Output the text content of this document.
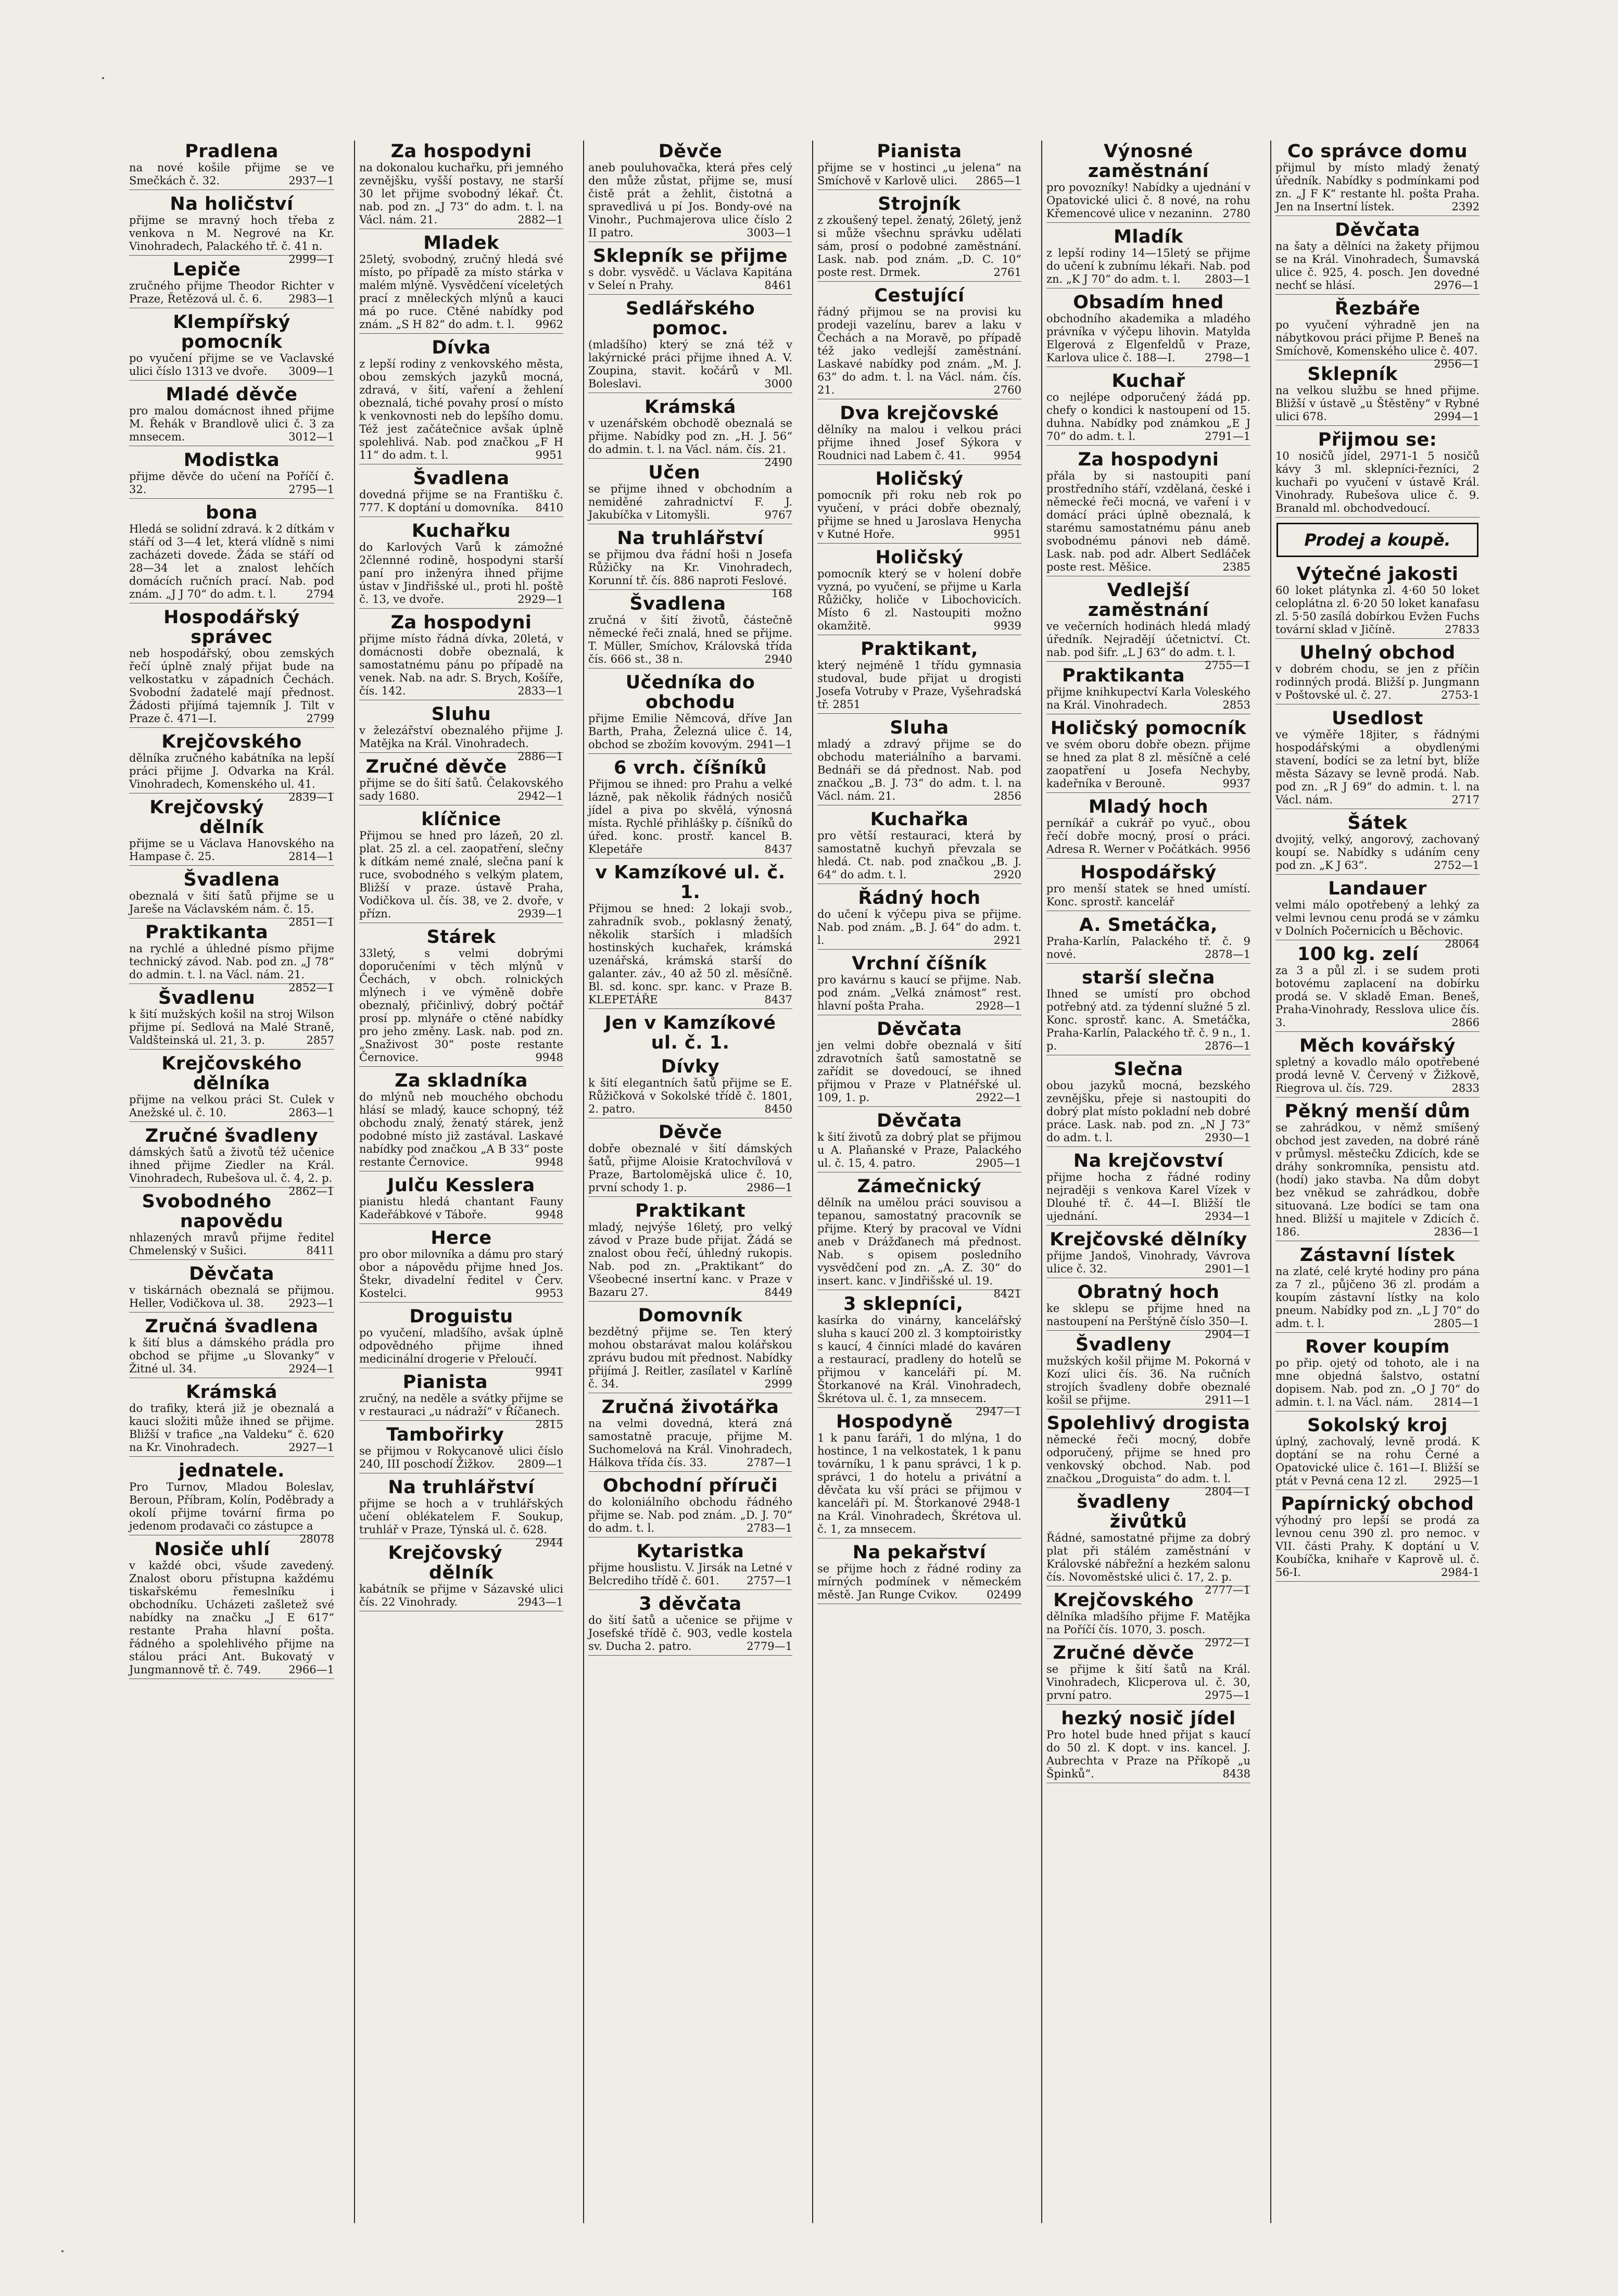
Pradlena
na nové košile přijme se ve Smečkách č. 32.	2937—1
Na holičství
přijme se mravný hoch třeba z venkova n M. Negrové na Kr. Vinohradech, Palackého tř. č. 41 n.
2999—1
Lepiče
zručného přijme Theodor Richter v Praze, Řetězová ul. č. 6.	2983—1
Klempířský pomocník
po vyučení přijme se ve Vaclavské ulici číslo 1313 ve dvoře.	3009—1
Mladé děvče
pro malou domácnost ihned přijme M. Řehák v Brandlově ulici č. 3 za mnsecem.	3012—1
Modistka
přijme děvče do učení na Poříčí č. 32.	2795—1
bona
Hledá se solidní zdravá. k 2 dítkám v stáří od 3—4 let, která vlídně s nimi zacházeti dovede. Žáda se stáří od 28—34 let a znalost lehčích domácích ručních prací. Nab. pod znám. „J J 70“ do adm. t. l.	2794
Hospodářský správec
neb hospodářský, obou zemských řečí úplně znalý přijat bude na velkostatku v západních Čechách. Svobodní žadatelé mají přednost. Žádosti přijímá tajemník J. Tilt v Praze č. 471—I.	2799
Krejčovského
dělníka zručného kabátníka na lepší práci přijme J. Odvarka na Král. Vinohradech, Komenského ul. 41.
2839—1
Krejčovský dělník
přijme se u Václava Hanovského na Hampase č. 25.	2814—1
Švadlena
obeznalá v šití šatů přijme se u Jareše na Václavském nám. č. 15.
2851—1
Praktikanta
na rychlé a úhledné písmo přijme technický závod. Nab. pod zn. „J 78“ do admin. t. l. na Václ. nám. 21.
2852—1
Švadlenu
k šití mužských košil na stroj Wilson přijme pí. Sedlová na Malé Straně, Valdšteinská ul. 21, 3. p.	2857
Krejčovského dělníka
přijme na velkou práci St. Culek v Anežské ul. č. 10.	2863—1
Zručné švadleny
dámských šatů a životů též učenice ihned přijme Ziedler na Král. Vinohradech, Rubešova ul. č. 4, 2. p.
2862—1
Svobodného napovědu
nhlazených mravů přijme ředitel Chmelenský v Sušici.	8411
Děvčata
v tiskárnách obeznalá se přijmou. Heller, Vodičkova ul. 38.	2923—1
Zručná švadlena
k šití blus a dámského prádla pro obchod se přijme „u Slovanky“ v Žitné ul. 34.	2924—1
Krámská
do trafiky, která již je obeznalá a kauci složiti může ihned se přijme. Bližší v trafice „na Valdeku“ č. 620 na Kr. Vinohradech.	2927—1
jednatele.
Pro Turnov, Mladou Boleslav, Beroun, Příbram, Kolín, Poděbrady a okolí přijme tovární firma po jedenom prodavači co zástupce a
28078
Nosiče uhlí
v každé obci, všude zavedený. Znalost oboru přístupna každému tiskařskému řemeslníku i obchodníku. Ucházeti zašletež své nabídky na značku „J E 617“ restante Praha hlavní pošta. řádného a spolehlivého přijme na stálou práci Ant. Bukovatý v Jungmannově tř. č. 749.	2966—1
Za hospodyni
na dokonalou kuchařku, při jemného zevnějšku, vyšší postavy, ne starší 30 let přijme svobodný lékař. Čt. nab. pod zn. „J 73“ do adm. t. l. na Václ. nám. 21.	2882—1
Mladek
25letý, svobodný, zručný hledá své místo, po případě za místo stárka v malém mlýně. Vysvědčení víceletých prací z mněleckých mlýnů a kauci má po ruce. Ctěné nabídky pod znám. „S H 82“ do adm. t. l.	9962
Dívka
z lepší rodiny z venkovského města, obou zemských jazyků mocná, zdravá, v šití, vaření a žehlení obeznalá, tiché povahy prosí o místo k venkovnosti neb do lepšího domu. Též jest začátečnice avšak úplně spolehlivá. Nab. pod značkou „F H 11“ do adm. t. l.	9951
Švadlena
dovedná přijme se na Františku č. 777. K doptání u domovníka.	8410
Kuchařku
do Karlových Varů k zámožné 2člennné rodině, hospodyni starší paní pro inženýra ihned přijme ústav v Jindřišské ul., proti hl. poště č. 13, ve dvoře.	2929—1
Za hospodyni
přijme místo řádná dívka, 20letá, v domácnosti dobře obeznalá, k samostatnému pánu po případě na venek. Nab. na adr. S. Brych, Košíře, čís. 142.	2833—1
Sluhu
v železářství obeznalého přijme J. Matějka na Král. Vinohradech.
2886—1
Zručné děvče
přijme se do šití šatů. Čelakovského sady 1680.	2942—1
klíčnice
Přijmou se hned pro lázeň, 20 zl. plat. 25 zl. a cel. zaopatření, slečny k dítkám nemé znalé, slečna paní k ruce, svobodného s velkým platem, Bližší v praze. ústavě Praha, Vodičkova ul. čís. 38, ve 2. dvoře, v přízn.	2939—1
Stárek
33letý, s velmi dobrými doporučeními v těch mlýnů v Čechách, v obch. rolnických mlýnech i ve výměně dobře obeznalý, přičinlivý, dobrý počtář prosí pp. mlynáře o ctěné nabídky pro jeho změny. Lask. nab. pod zn. „Snaživost 30“ poste restante Černovice.	9948
Za skladníka
do mlýnů neb mouchého obchodu hlásí se mladý, kauce schopný, též obchodu znalý, ženatý stárek, jenž podobné místo již zastával. Laskavé nabídky pod značkou „A B 33“ poste restante Černovice.	9948
Julču Kesslera
pianistu hledá chantant Fauny Kadeřábkové v Táboře.	9948
Herce
pro obor milovníka a dámu pro starý obor a nápovědu přijme hned Jos. Štekr, divadelní ředitel v Červ. Kostelci.	9953
Droguistu
po vyučení, mladšího, avšak úplně odpovědného přijme ihned medicinální drogerie v Přeloučí.
9941
Pianista
zručný, na neděle a svátky přijme se v restauraci „u nádraží“ v Říčanech.
2815
Tambořirky
se přijmou v Rokycanově ulici číslo 240, III poschodí Žižkov.	2809—1
Na truhlářství
přijme se hoch a v truhlářských učení oblékatelem F. Soukup, truhlář v Praze, Týnská ul. č. 628.
2944
Krejčovský dělník
kabátník se přijme v Sázavské ulici čís. 22 Vinohrady.	2943—1
Děvče
aneb pouluhovačka, která přes celý den může zůstat, přijme se, musí čistě prát a žehlit, čistotná a spravedlivá u pí Jos. Bondy-ové na Vinohr., Puchmajerova ulice číslo 2 II patro.	3003—1
Sklepník se přijme
s dobr. vysvědč. u Václava Kapitána v Seleí n Prahy.	8461
Sedlářského pomoc.
(mladšího) který se zná též v lakýrnické práci přijme ihned A. V. Zoupina, stavit. kočárů v Ml. Boleslavi.	3000
Krámská
v uzenářském obchodě obeznalá se přijme. Nabídky pod zn. „H. J. 56“ do admin. t. l. na Václ. nám. čís. 21.
2490
Učen
se přijme ihned v obchodním a nemiděné zahradnictví F. J. Jakubíčka v Litomyšli.	9767
Na truhlářství
se přijmou dva řádní hoši n Josefa Růžičky na Kr. Vinohradech, Korunní tř. čís. 886 naproti Feslové.
168
Švadlena
zručná v šití životů, částečně německé řeči znalá, hned se přijme. T. Müller, Smíchov, Královská třída čís. 666 st., 38 n.	2940
Učedníka do obchodu
přijme Emilie Němcová, dříve Jan Barth, Praha, Železná ulice č. 14, obchod se zbožím kovovým. 2941—1
6 vrch. číšníků
Přijmou se ihned: pro Prahu a velké lázně, pak několik řádných nosičů jídel a piva po skvělá, výnosná místa. Rychlé přihlášky p. číšníků do úřed. konc. prostř. kancel B. Klepetáře	8437
v Kamzíkové ul. č. 1.
Přijmou se hned: 2 lokaji svob., zahradník svob., poklasný ženatý, několik starších i mladších hostinských kuchařek, krámská uzenářská, krámská starší do galanter. záv., 40 až 50 zl. měsíčně. Bl. sd. konc. spr. kanc. v Praze B. KLEPETÁŘE	8437
Jen v Kamzíkové ul. č. 1.
Dívky
k šití elegantních šatů přijme se E. Růžičková v Sokolské třídě č. 1801, 2. patro.	8450
Děvče
dobře obeznalé v šití dámských šatů, přijme Aloisie Kratochvílová v Praze, Bartolomějská ulice č. 10, první schody 1. p.	2986—1
Praktikant
mladý, nejvýše 16letý, pro velký závod v Praze bude přijat. Žádá se znalost obou řečí, úhledný rukopis. Nab. pod zn. „Praktikant“ do Všeobecné insertní kanc. v Praze v Bazaru 27.	8449
Domovník
bezdětný přijme se. Ten který mohou obstarávat malou kolářskou zprávu budou mít přednost. Nabídky přijímá J. Reitler, zasílatel v Karlíně č. 34.	2999
Zručná životářka
na velmi dovedná, která zná samostatně pracuje, přijme M. Suchomelová na Král. Vinohradech, Hálkova třída čís. 33.	2787—1
Obchodní příruči
do koloniálního obchodu řádného přijme se. Nab. pod znám. „D. J. 70“ do adm. t. l.	2783—1
Kytaristka
přijme houslistu. V. Jirsák na Letné v Belcrediho třídě č. 601.	2757—1
3 děvčata
do šití šatů a učenice se přijme v Josefské třídě č. 903, vedle kostela sv. Ducha 2. patro.	2779—1
Pianista
přijme se v hostinci „u jelena“ na Smíchově v Karlově ulici.	2865—1
Strojník
z zkoušený tepel. ženatý, 26letý, jenž si může všechnu správku udělati sám, prosí o podobné zaměstnání. Lask. nab. pod znám. „D. C. 10“ poste rest. Drmek.	2761
Cestující
řádný přijmou se na provisi ku prodeji vazelínu, barev a laku v Čechách a na Moravě, po případě též jako vedlejší zaměstnání. Laskavé nabídky pod znám. „M. J. 63“ do adm. t. l. na Václ. nám. čís. 21.	2760
Dva krejčovské
dělníky na malou i velkou práci přijme ihned Josef Sýkora v Roudnici nad Labem č. 41.	9954
Holičský
pomocník při roku neb rok po vyučení, v práci dobře obeznalý, přijme se hned u Jaroslava Henycha v Kutné Hoře.	9951
Holičský
pomocník který se v holení dobře vyzná, po vyučení, se přijme u Karla Růžičky, holiče v Libochovicích. Místo 6 zl. Nastoupiti možno okamžitě.	9939
Praktikant,
který nejméně 1 třídu gymnasia studoval, bude přijat u drogisti Josefa Votruby v Praze, Vyšehradská tř. 2851
Sluha
mladý a zdravý přijme se do obchodu materiálního a barvami. Bednáři se dá přednost. Nab. pod značkou „B. J. 73“ do adm. t. l. na Václ. nám. 21.	2856
Kuchařka
pro větší restauraci, která by samostatně kuchyň převzala se hledá. Ct. nab. pod značkou „B. J. 64“ do adm. t. l.	2920
Řádný hoch
do učení k výčepu piva se přijme. Nab. pod znám. „B. J. 64“ do adm. t. l.	2921
Vrchní číšník
pro kavárnu s kaucí se přijme. Nab. pod znám. „Velká známost“ rest. hlavní pošta Praha.	2928—1
Děvčata
jen velmi dobře obeznalá v šití zdravotních šatů samostatně se zařídit se dovedoucí, se ihned přijmou v Praze v Platnéřské ul. 109, 1. p.	2922—1
Děvčata
k šití životů za dobrý plat se přijmou u A. Plaňanské v Praze, Palackého ul. č. 15, 4. patro.	2905—1
Zámečnický
dělník na umělou práci souvisou a tepanou, samostatný pracovník se přijme. Který by pracoval ve Vídni aneb v Drážďanech má přednost. Nab. s opisem posledního vysvědčení pod zn. „A. Z. 30“ do insert. kanc. v Jindřišské ul. 19.
8421
3 sklepníci,
kasírka do vinárny, kancelářský sluha s kaucí 200 zl. 3 komptoiristky s kaucí, 4 činníci mladé do kaváren a restaurací, pradleny do hotelů se přijmou v kanceláři pí. M. Štorkanové na Král. Vinohradech, Škrétova ul. č. 1, za mnsecem.
2947—1
Hospodyně
1 k panu faráři, 1 do mlýna, 1 do hostince, 1 na velkostatek, 1 k panu továrníku, 1 k panu správci, 1 k p. správci, 1 do hotelu a privátní a děvčata ku vší práci se přijmou v kanceláři pí. M. Štorkanové 2948-1 na Král. Vinohradech, Škrétova ul. č. 1, za mnsecem.
Na pekařství
se přijme hoch z řádné rodiny za mírných podmínek v německém městě. Jan Runge Cvikov.	02499
Výnosné zaměstnání
pro povozníky! Nabídky a ujednání v Opatovické ulici č. 8 nové, na rohu Křemencové ulice v nezaninn. 2780
Mladík
z lepší rodiny 14—15letý se přijme do učení k zubnímu lékaři. Nab. pod zn. „K J 70“ do adm. t. l.	2803—1
Obsadím hned
obchodního akademika a mladého právníka v výčepu lihovin. Matylda Elgerová z Elgenfeldů v Praze, Karlova ulice č. 188—I.	2798—1
Kuchař
co nejlépe odporučený žádá pp. chefy o kondici k nastoupení od 15. duhna. Nabídky pod známkou „E J 70“ do adm. t. l.	2791—1
Za hospodyni
přála by si nastoupiti paní prostředního stáří, vzdělaná, české i německé řeči mocná, ve vaření i v domácí práci úplně obeznalá, k starému samostatnému pánu aneb svobodnému pánovi neb dámě. Lask. nab. pod adr. Albert Sedláček poste rest. Měšice.	2385
Vedlejší zaměstnání
ve večerních hodinách hledá mladý úředník. Nejradějí účetnictví. Ct. nab. pod šifr. „L J 63“ do adm. t. l.
2755—1
Praktikanta
přijme knihkupectví Karla Voleského na Král. Vinohradech.	2853
Holičský pomocník
ve svém oboru dobře obezn. přijme se hned za plat 8 zl. měsíčně a celé zaopatření u Josefa Nechyby, kadeřníka v Berouně.	9937
Mladý hoch
perníkář a cukrář po vyuč., obou řečí dobře mocný, prosí o práci. Adresa R. Werner v Počátkách. 9956
Hospodářský
pro menší statek se hned umístí. Konc. sprostř. kancelář
A. Smetáčka,
Praha-Karlín, Palackého tř. č. 9 nové.	2878—1
starší slečna
Ihned se umístí pro obchod potřebný atd. za týdenní služné 5 zl. Konc. sprostř. kanc. A. Smetáčka, Praha-Karlín, Palackého tř. č. 9 n., 1. p.	2876—1
Slečna
obou jazyků mocná, bezského zevnějšku, přeje si nastoupiti do dobrý plat místo pokladní neb dobré práce. Lask. nab. pod zn. „N J 73“ do adm. t. l.	2930—1
Na krejčovství
přijme hocha z řádné rodiny nejraději s venkova Karel Vízek v Dlouhé tř. č. 44—I. Bližší tle ujednání.	2934—1
Krejčovské dělníky
přijme Jandoš, Vinohrady, Vávrova ulice č. 32.	2901—1
Obratný hoch
ke sklepu se přijme hned na nastoupení na Perštýně číslo 350—I.
2904—1
Švadleny
mužských košil přijme M. Pokorná v Kozí ulici čís. 36. Na ručních strojích švadleny dobře obeznalé košil se přijme.	2911—1
Spolehlivý drogista
německé řeči mocný, dobře odporučený, přijme se hned pro venkovský obchod. Nab. pod značkou „Droguista“ do adm. t. l.
2804—1
švadleny živůtků
Řádné, samostatné přijme za dobrý plat při stálém zaměstnání v Královské nábřežní a hezkém salonu čís. Novoměstské ulici č. 17, 2. p.
2777—1
Krejčovského
dělníka mladšího přijme F. Matějka na Poříčí čís. 1070, 3. posch.
2972—1
Zručné děvče
se přijme k šití šatů na Král. Vinohradech, Klicperova ul. č. 30, první patro.	2975—1
hezký nosič jídel
Pro hotel bude hned přijat s kaucí do 50 zl. K dopt. v ins. kancel. J. Aubrechta v Praze na Příkopě „u Špinků“.	8438
Co správce domu
přijmul by místo mladý ženatý úředník. Nabídky s podmínkami pod zn. „J F K“ restante hl. pošta Praha. Jen na Insertní lístek.	2392
Děvčata
na šaty a dělníci na žakety přijmou se na Král. Vinohradech, Šumavská ulice č. 925, 4. posch. Jen dovedné nechť se hlásí.	2976—1
Řezbáře
po vyučení výhradně jen na nábytkovou práci přijme P. Beneš na Smíchově, Komenského ulice č. 407.
2956—1
Sklepník
na velkou službu se hned přijme. Bližší v ústavě „u Štěstěny“ v Rybné ulici 678.	2994—1
Přijmou se:
10 nosičů jídel, 2971-1 5 nosičů kávy 3 ml. sklepníci-řezníci, 2 kuchaři po vyučení v ústavě Král. Vinohrady. Rubešova ulice č. 9. Branald ml. obchodvedoucí.
Prodej a koupě.
Výtečné jakosti
60 loket plátynka zl. 4·60 50 loket celoplátna zl. 6·20 50 loket kanafasu zl. 5·50 zasílá dobírkou Evžen Fuchs tovární sklad v Jičíně.	27833
Uhelný obchod
v dobrém chodu, se jen z příčin rodinných prodá. Bližší p. Jungmann v Poštovské ul. č. 27.	2753-1
Usedlost
ve výměře 18jiter, s řádnými hospodářskými a obydlenými stavení, bodíci se za letní byt, blíže města Sázavy se levně prodá. Nab. pod zn. „R J 69“ do admin. t. l. na Václ. nám.	2717
Šátek
dvojitý, velký, angorový, zachovaný koupí se. Nabídky s udáním ceny pod zn. „K J 63“.	2752—1
Landauer
velmi málo opotřebený a lehký za velmi levnou cenu prodá se v zámku v Dolních Počernicích u Běchovic.
28064
100 kg. zelí
za 3 a půl zl. i se sudem proti botovému zaplacení na dobírku prodá se. V skladě Eman. Beneš, Praha-Vinohrady, Resslova ulice čís. 3.	2866
Měch kovářský
spletný a kovadlo málo opotřebené prodá levně V. Červený v Žižkově, Riegrova ul. čís. 729.	2833
Pěkný menší dům
se zahrádkou, v němž smíšený obchod jest zaveden, na dobré ráně v průmysl. městečku Zdicích, kde se dráhy sonkromníka, pensistu atd. (hodí) jako stavba. Na dům dobyt bez vněkud se zahrádkou, dobře situovaná. Lze bodíci se tam ona hned. Bližší u majitele v Zdicích č. 186.	2836—1
Zástavní lístek
na zlaté, celé kryté hodiny pro pána za 7 zl., půjčeno 36 zl. prodám a koupím zástavní lístky na kolo pneum. Nabídky pod zn. „L J 70“ do adm. t. l.	2805—1
Rover koupím
po přip. ojetý od tohoto, ale i na mne objedná šalstvo, ostatní dopisem. Nab. pod zn. „O J 70“ do admin. t. l. na Václ. nám.	2814—1
Sokolský kroj
úplný, zachovalý, levně prodá. K doptání se na rohu Černé a Opatovické ulice č. 161—I. Bližší se ptát v Pevná cena 12 zl.	2925—1
Papírnický obchod
výhodný pro lepší se prodá za levnou cenu 390 zl. pro nemoc. v VII. části Prahy. K doptání u V. Koubíčka, knihaře v Kaprově ul. č. 56-I.	2984-1
